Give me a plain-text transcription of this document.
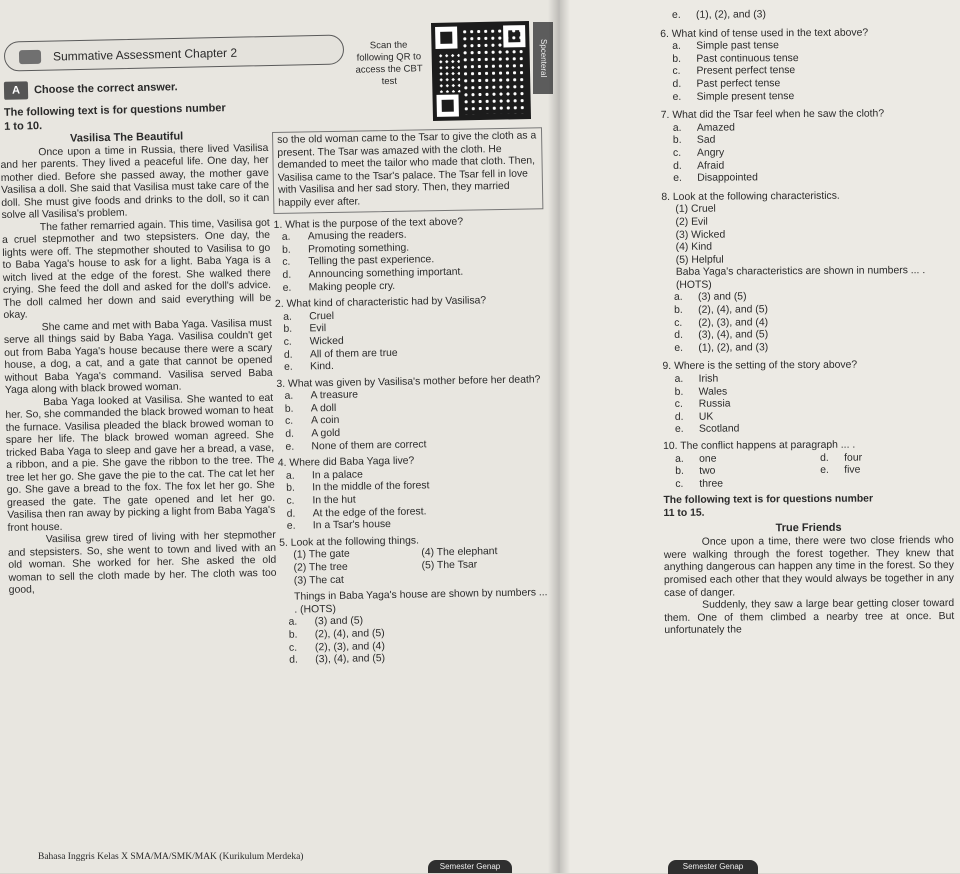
Summative Assessment Chapter 2
A Choose the correct answer.
The following text is for questions number
1 to 10.
Scan the following QR to access the CBT test
Spcenteral

Vasilisa The Beautiful

Once upon a time in Russia, there lived Vasilisa and her parents. They lived a peaceful life. One day, her mother died. Before she passed away, the mother gave Vasilisa a doll. She said that Vasilisa must take care of the doll. She must give foods and drinks to the doll, so it can solve all Vasilisa's problem.

The father remarried again. This time, Vasilisa got a cruel stepmother and two stepsisters. One day, the lights were off. The stepmother shouted to Vasilisa to go to Baba Yaga's house to ask for a light. Baba Yaga is a witch lived at the edge of the forest. She walked there crying. She feed the doll and asked for the doll's advice. The doll calmed her down and said everything will be okay.

She came and met with Baba Yaga. Vasilisa must serve all things said by Baba Yaga. Vasilisa couldn't get out from Baba Yaga's house because there were a scary house, a dog, a cat, and a gate that cannot be opened without Baba Yaga's command. Vasilisa served Baba Yaga along with black browed woman.

Baba Yaga looked at Vasilisa. She wanted to eat her. So, she commanded the black browed woman to heat the furnace. Vasilisa pleaded the black browed woman to spare her life. The black browed woman agreed. She tricked Baba Yaga to sleep and gave her a bread, a vase, a ribbon, and a pie. She gave the ribbon to the tree. The tree let her go. She gave the pie to the cat. The cat let her go. She gave a bread to the fox. The fox let her go. She greased the gate. The gate opened and let her go. Vasilisa then ran away by picking a light from Baba Yaga's front house.

Vasilisa grew tired of living with her stepmother and stepsisters. So, she went to town and lived with an old woman. She worked for her. She asked the old woman to sell the cloth made by her. The cloth was too good,

so the old woman came to the Tsar to give the cloth as a present. The Tsar was amazed with the cloth. He demanded to meet the tailor who made that cloth. Then, Vasilisa came to the Tsar's palace. The Tsar fell in love with Vasilisa and her sad story. Then, they married happily ever after.

1. What is the purpose of the text above?
a.	Amusing the readers.
b.	Promoting something.
c.	Telling the past experience.
d.	Announcing something important.
e.	Making people cry.
2. What kind of characteristic had by Vasilisa?
a.	Cruel
b.	Evil
c.	Wicked
d.	All of them are true
e.	Kind.
3. What was given by Vasilisa's mother before her death?
a.	A treasure
b.	A doll
c.	A coin
d.	A gold
e.	None of them are correct
4. Where did Baba Yaga live?
a.	In a palace
b.	In the middle of the forest
c.	In the hut
d.	At the edge of the forest.
e.	In a Tsar's house
5. Look at the following things.
(1) The gate	(4) The elephant
(2) The tree	(5) The Tsar
(3) The cat
Things in Baba Yaga's house are shown by numbers ... . (HOTS)
a.	(3) and (5)
b.	(2), (4), and (5)
c.	(2), (3), and (4)
d.	(3), (4), and (5)
Bahasa Inggris Kelas X SMA/MA/SMK/MAK (Kurikulum Merdeka)
Semester Genap
e.	(1), (2), and (3)
6. What kind of tense used in the text above?
a.	Simple past tense
b.	Past continuous tense
c.	Present perfect tense
d.	Past perfect tense
e.	Simple present tense
7. What did the Tsar feel when he saw the cloth?
a.	Amazed
b.	Sad
c.	Angry
d.	Afraid
e.	Disappointed
8. Look at the following characteristics.
(1) Cruel
(2) Evil
(3) Wicked
(4) Kind
(5) Helpful
Baba Yaga's characteristics are shown in numbers ... . (HOTS)
a.	(3) and (5)
b.	(2), (4), and (5)
c.	(2), (3), and (4)
d.	(3), (4), and (5)
e.	(1), (2), and (3)
9. Where is the setting of the story above?
a.	Irish
b.	Wales
c.	Russia
d.	UK
e.	Scotland
10. The conflict happens at paragraph ... .
a.	one
b.	two
c.	three
d.	four
e.	five
The following text is for questions number
11 to 15.
True Friends

Once upon a time, there were two close friends who were walking through the forest together. They knew that anything dangerous can happen any time in the forest. So they promised each other that they would always be together in any case of danger.

Suddenly, they saw a large bear getting closer toward them. One of them climbed a nearby tree at once. But unfortunately the

Semester Genap
